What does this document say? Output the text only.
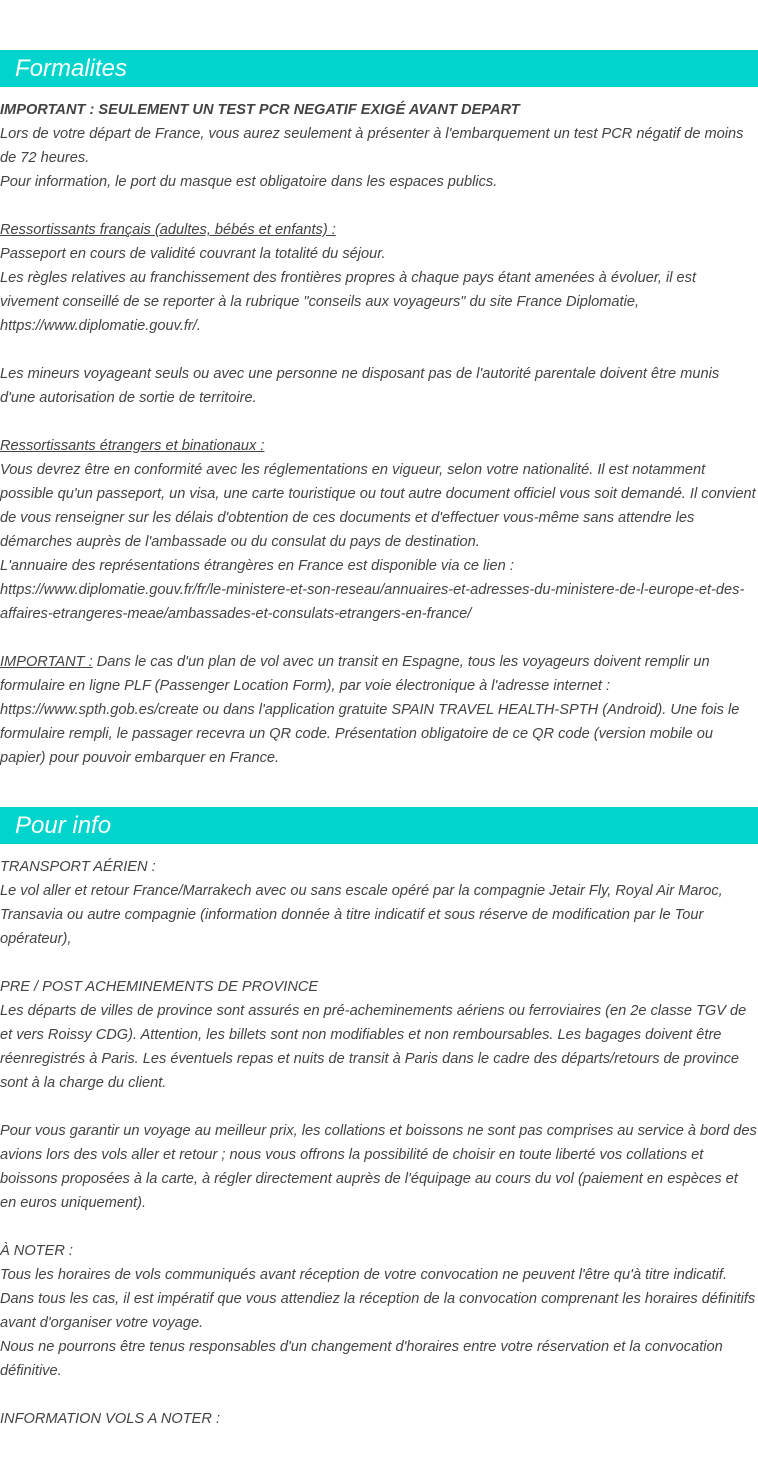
Formalites
IMPORTANT : SEULEMENT UN TEST PCR NEGATIF EXIGÉ AVANT DEPART
Lors de votre départ de France, vous aurez seulement à présenter à l'embarquement un test PCR négatif de moins de 72 heures.
Pour information, le port du masque est obligatoire dans les espaces publics.
Ressortissants français (adultes, bébés et enfants) :
Passeport en cours de validité couvrant la totalité du séjour.
Les règles relatives au franchissement des frontières propres à chaque pays étant amenées à évoluer, il est vivement conseillé de se reporter à la rubrique "conseils aux voyageurs" du site France Diplomatie, https://www.diplomatie.gouv.fr/.
Les mineurs voyageant seuls ou avec une personne ne disposant pas de l'autorité parentale doivent être munis d'une autorisation de sortie de territoire.
Ressortissants étrangers et binationaux :
Vous devrez être en conformité avec les réglementations en vigueur, selon votre nationalité. Il est notamment possible qu'un passeport, un visa, une carte touristique ou tout autre document officiel vous soit demandé. Il convient de vous renseigner sur les délais d'obtention de ces documents et d'effectuer vous-même sans attendre les démarches auprès de l'ambassade ou du consulat du pays de destination.
L'annuaire des représentations étrangères en France est disponible via ce lien :
https://www.diplomatie.gouv.fr/fr/le-ministere-et-son-reseau/annuaires-et-adresses-du-ministere-de-l-europe-et-des-affaires-etrangeres-meae/ambassades-et-consulats-etrangers-en-france/
IMPORTANT : Dans le cas d'un plan de vol avec un transit en Espagne, tous les voyageurs doivent remplir un formulaire en ligne PLF (Passenger Location Form), par voie électronique à l'adresse internet : https://www.spth.gob.es/create ou dans l'application gratuite SPAIN TRAVEL HEALTH-SPTH (Android). Une fois le formulaire rempli, le passager recevra un QR code. Présentation obligatoire de ce QR code (version mobile ou papier) pour pouvoir embarquer en France.
Pour info
TRANSPORT AÉRIEN :
Le vol aller et retour France/Marrakech avec ou sans escale opéré par la compagnie Jetair Fly, Royal Air Maroc, Transavia ou autre compagnie (information donnée à titre indicatif et sous réserve de modification par le Tour opérateur),
PRE / POST ACHEMINEMENTS DE PROVINCE
Les départs de villes de province sont assurés en pré-acheminements aériens ou ferroviaires (en 2e classe TGV de et vers Roissy CDG). Attention, les billets sont non modifiables et non remboursables. Les bagages doivent être réenregistrés à Paris. Les éventuels repas et nuits de transit à Paris dans le cadre des départs/retours de province sont à la charge du client.
Pour vous garantir un voyage au meilleur prix, les collations et boissons ne sont pas comprises au service à bord des avions lors des vols aller et retour ; nous vous offrons la possibilité de choisir en toute liberté vos collations et boissons proposées à la carte, à régler directement auprès de l'équipage au cours du vol (paiement en espèces et en euros uniquement).
À NOTER :
Tous les horaires de vols communiqués avant réception de votre convocation ne peuvent l'être qu'à titre indicatif.
Dans tous les cas, il est impératif que vous attendiez la réception de la convocation comprenant les horaires définitifs avant d'organiser votre voyage.
Nous ne pourrons être tenus responsables d'un changement d'horaires entre votre réservation et la convocation définitive.
INFORMATION VOLS A NOTER :
